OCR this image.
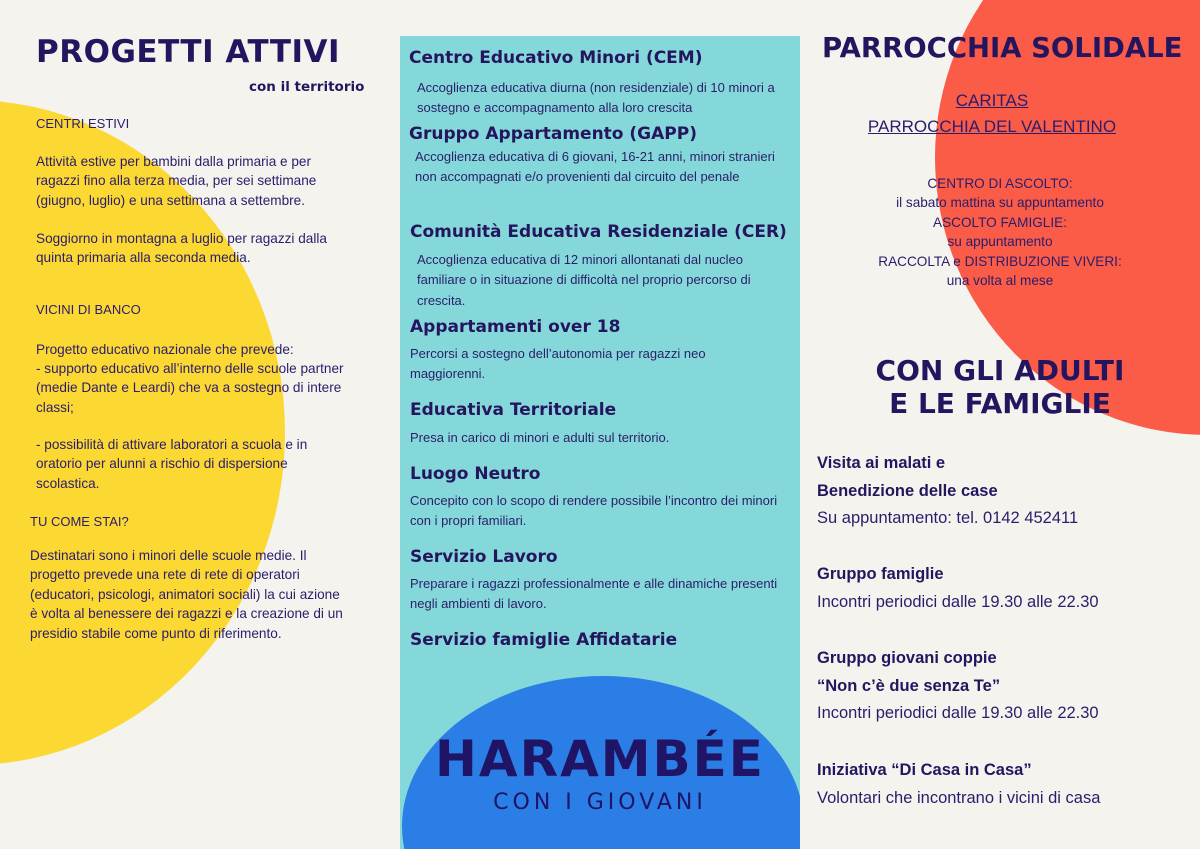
PROGETTI ATTIVI

con il territorio

CENTRI ESTIVI

Attività estive per bambini dalla primaria e per ragazzi fino alla terza media, per sei settimane (giugno, luglio) e una settimana a settembre.

Soggiorno in montagna a luglio per ragazzi dalla quinta primaria alla seconda media.

VICINI DI BANCO

Progetto educativo nazionale che prevede:

- supporto educativo all’interno delle scuole partner (medie Dante e Leardi) che va a sostegno di intere classi;

- possibilità di attivare laboratori a scuola e in oratorio per alunni a rischio di dispersione scolastica.

TU COME STAI?

Destinatari sono i minori delle scuole medie. Il progetto prevede una rete di rete di operatori (educatori, psicologi, animatori sociali) la cui azione è volta al benessere dei ragazzi e la creazione di un presidio stabile come punto di riferimento.

Centro Educativo Minori (CEM)

Accoglienza educativa diurna (non residenziale) di 10 minori a sostegno e accompagnamento alla loro crescita

Gruppo Appartamento (GAPP)

Accoglienza educativa di 6 giovani, 16-21 anni, minori stranieri non accompagnati e/o provenienti dal circuito del penale

Comunità Educativa Residenziale (CER)

Accoglienza educativa di 12 minori allontanati dal nucleo familiare o in situazione di difficoltà nel proprio percorso di crescita.

Appartamenti over 18

Percorsi a sostegno dell’autonomia per ragazzi neo maggiorenni.

Educativa Territoriale

Presa in carico di minori e adulti sul territorio.

Luogo Neutro

Concepito con lo scopo di rendere possibile l’incontro dei minori con i propri familiari.

Servizio Lavoro

Preparare i ragazzi professionalmente e alle dinamiche presenti negli ambienti di lavoro.

Servizio famiglie Affidatarie

HARAMBÉE

CON I GIOVANI

PARROCCHIA SOLIDALE

CARITAS

PARROCCHIA DEL VALENTINO

CENTRO DI ASCOLTO:
il sabato mattina su appuntamento
ASCOLTO FAMIGLIE:
su appuntamento
RACCOLTA e DISTRIBUZIONE VIVERI:
una volta al mese

CON GLI ADULTI

E LE FAMIGLIE

Visita ai malati e
Benedizione delle case
Su appuntamento: tel. 0142 452411
Gruppo famiglie
Incontri periodici dalle 19.30 alle 22.30
Gruppo giovani coppie
“Non c’è due senza Te”
Incontri periodici dalle 19.30 alle 22.30
Iniziativa “Di Casa in Casa”
Volontari che incontrano i vicini di casa
